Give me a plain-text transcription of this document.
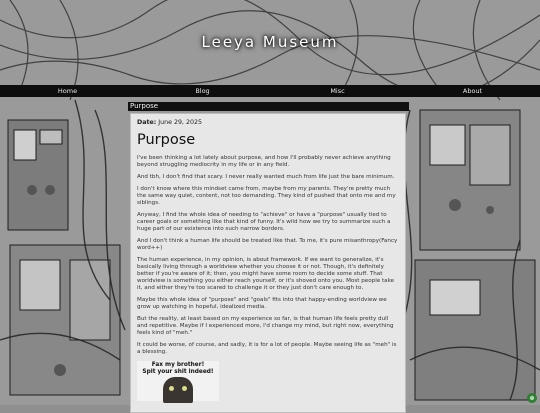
Leeya Museum
Home	Blog	Misc	About
Purpose
Date: June 29, 2025
Purpose

I've been thinking a lot lately about purpose, and how I'll probably never achieve anything beyond struggling mediocrity in my life or in any field.

And tbh, I don't find that scary. I never really wanted much from life just the bare minimum.

I don't know where this mindset came from, maybe from my parents. They're pretty much the same way quiet, content, not too demanding. They kind of pushed that onto me and my siblings.

Anyway, I find the whole idea of needing to "achieve" or have a "purpose" usually tied to career goals or something like that kind of funny. It's wild how we try to summarize such a huge part of our existence into such narrow borders.

And I don't think a human life should be treated like that. To me, it's pure misanthropy(Fancy word++)

The human experience, in my opinion, is about framework. If we want to generalize, it's basically living through a worldview whether you choose it or not. Though, it's definitely better if you're aware of it; then, you might have some room to decide some stuff. That worldview is something you either reach yourself, or it's shoved onto you. Most people take it, and either they're too scared to challenge it or they just don't care enough to.

Maybe this whole idea of "purpose" and "goals" fits into that happy-ending worldview we grow up watching in hopeful, idealized media.

But the reality, at least based on my experience so far, is that human life feels pretty dull and repetitive. Maybe if I experienced more, I'd change my mind, but right now, everything feels kind of "meh."

It could be worse, of course, and sadly, it is for a lot of people. Maybe seeing life as "meh" is a blessing.

Fax my brother!
Spit your shit indeed!
